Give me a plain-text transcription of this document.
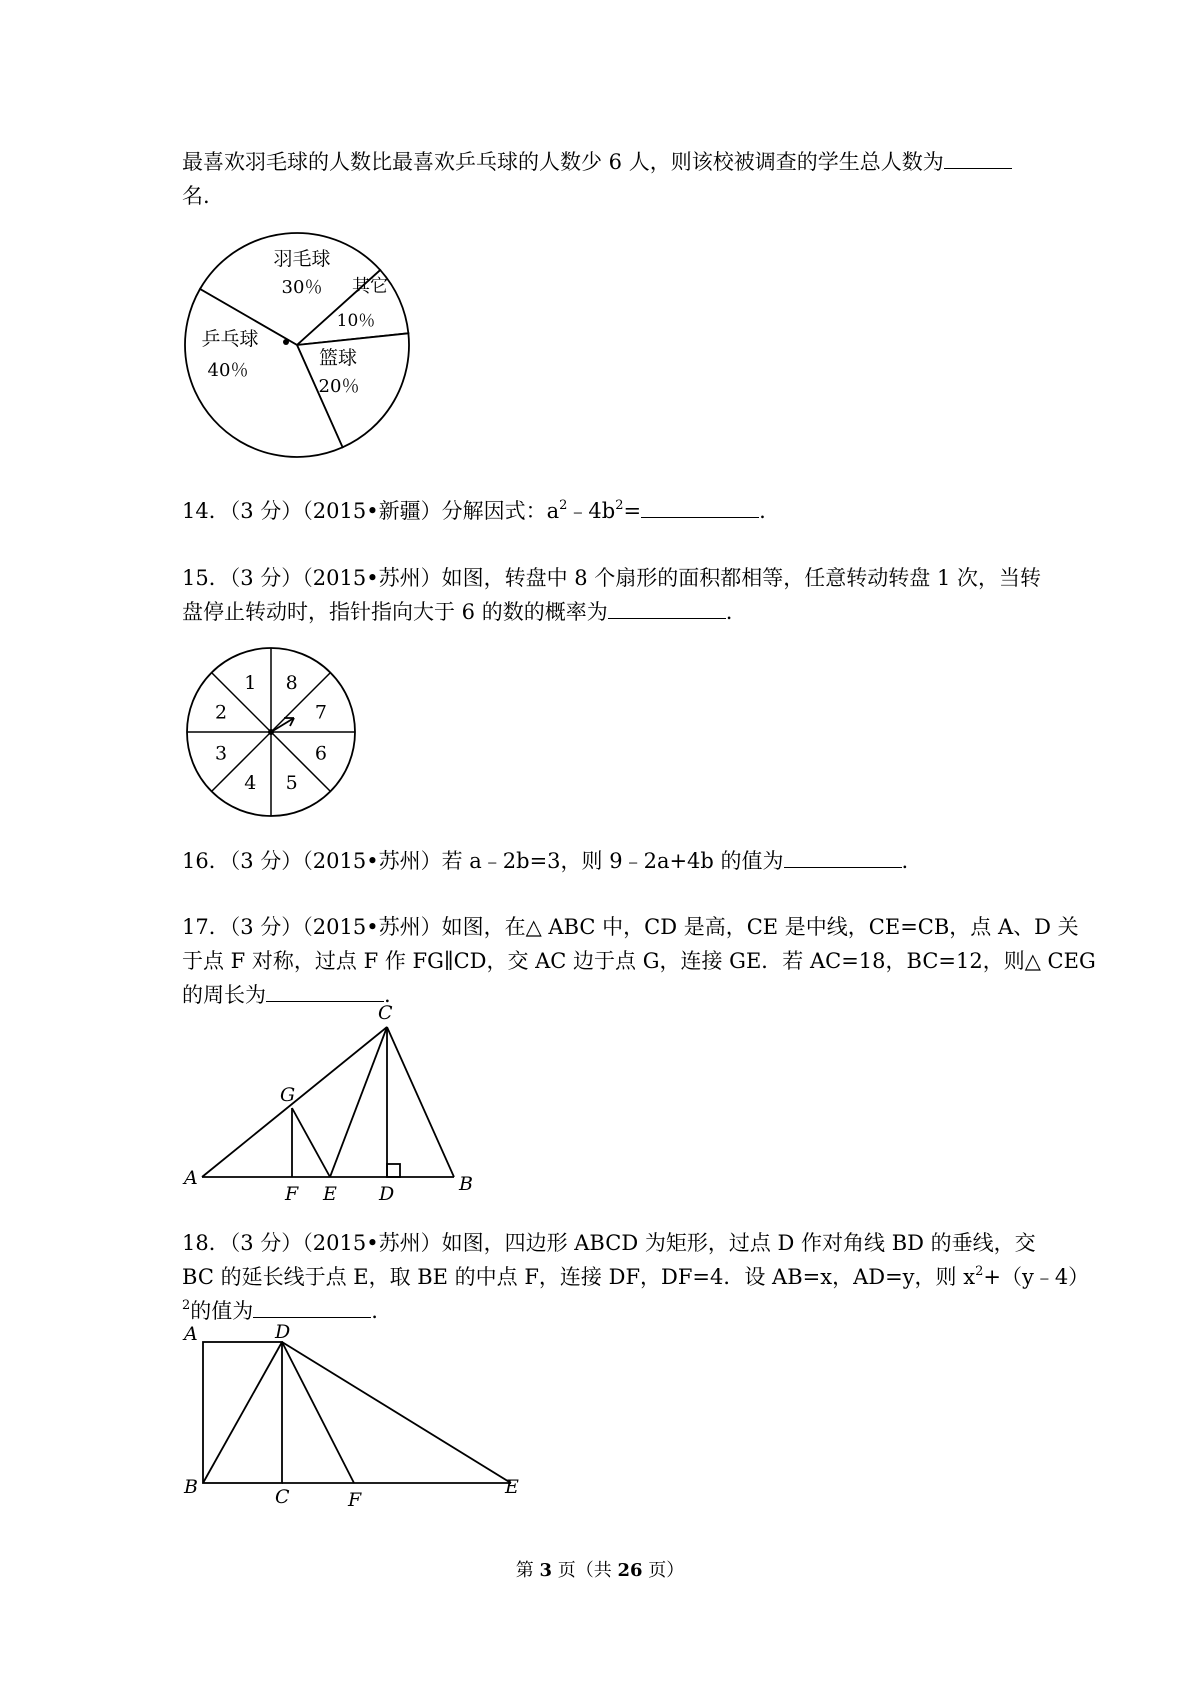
最喜欢羽毛球的人数比最喜欢乒乓球的人数少 6 人，则该校被调查的学生总人数为
名.
羽毛球
30％ 其它
10％
篮球
20％
乒乓球
40％
14．（3 分）（2015•新疆）分解因式：$a^2﹣4b^2=$	.
15．（3 分）（2015•苏州）如图，转盘中 8 个扇形的面积都相等，任意转动转盘 1 次，当转
盘停止转动时，指针指向大于 6 的数的概率为	.
1 8
7
6
5
4
3
2
16．（3 分）（2015•苏州）若 a﹣2b=3，则 9﹣2a+4b 的值为	.
17．（3 分）（2015•苏州）如图，在△ ABC 中，CD 是高，CE 是中线，CE=CB，点 A、D 关
于点 F 对称，过点 F 作 FG∥CD，交 AC 边于点 G，连接 GE．若 AC=18，BC=12，则△ CEG
的周长为	.
C
G
A
F E D	B
18．（3 分）（2015•苏州）如图，四边形 ABCD 为矩形，过点 D 作对角线 BD 的垂线，交
BC 的延长线于点 E，取 BE 的中点 F，连接 DF，DF=4．设 AB=x，AD=y，则 $x^2+(y﹣4)$
$^2$的值为	.
A	D
B	C	F
E
第 3 页（共 26 页）
